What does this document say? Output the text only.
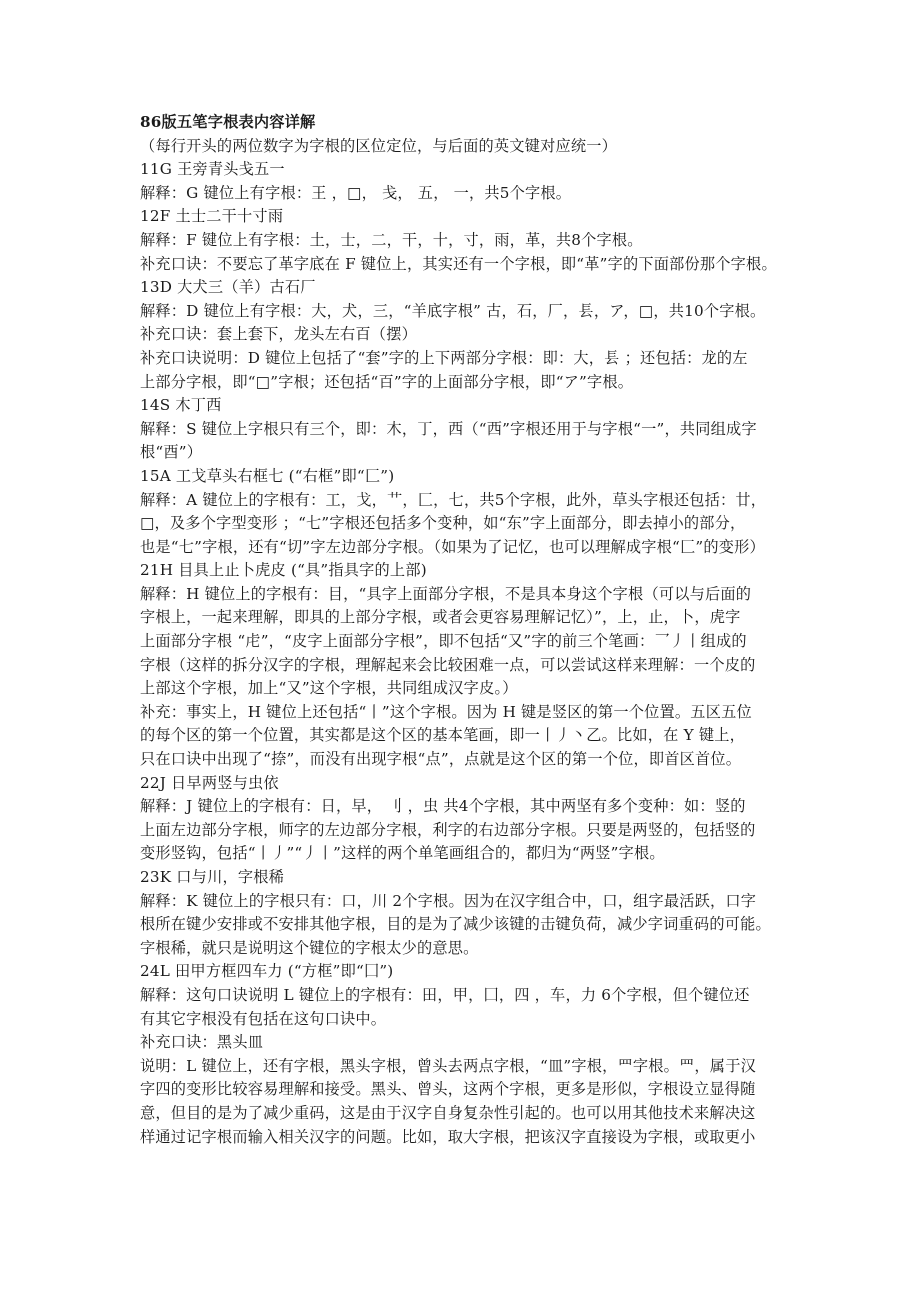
86版五笔字根表内容详解
（每行开头的两位数字为字根的区位定位，与后面的英文键对应统一）
11G 王旁青头戋五一
解释：G 键位上有字根：王 ，□， 戋， 五， 一，共5个字根。
12F 土士二干十寸雨
解释：F 键位上有字根：土，士，二，干，十，寸，雨，革，共8个字根。
补充口诀：不要忘了革字底在 F 键位上，其实还有一个字根，即“革”字的下面部份那个字根。
13D 大犬三（羊）古石厂
解释：D 键位上有字根：大，犬，三，“羊底字根” 古，石，厂，镸，ア，□，共10个字根。
补充口诀：套上套下，龙头左右百（摆）
补充口诀说明：D 键位上包括了“套”字的上下两部分字根：即：大，镸 ；还包括：龙的左
上部分字根，即“□”字根；还包括“百”字的上面部分字根，即“ア”字根。
14S 木丁西
解释：S 键位上字根只有三个，即：木，丁，西（“西”字根还用于与字根“一”，共同组成字
根“酉”）
15A 工戈草头右框七 (“右框”即“匚”)
解释：A 键位上的字根有：工，戈，艹，匚，七，共5个字根，此外，草头字根还包括：廿，
□，及多个字型变形 ；“七”字根还包括多个变种，如“东”字上面部分，即去掉小的部分，
也是“七”字根，还有“切”字左边部分字根。（如果为了记忆，也可以理解成字根“匚”的变形）
21H 目具上止卜虎皮 (“具”指具字的上部)
解释：H 键位上的字根有：目，“具字上面部分字根，不是具本身这个字根（可以与后面的
字根上，一起来理解，即具的上部分字根，或者会更容易理解记忆）”，上，止，卜，虎字
上面部分字根 “虍”，“皮字上面部分字根”，即不包括“又”字的前三个笔画：乛丿丨组成的
字根（这样的拆分汉字的字根，理解起来会比较困难一点，可以尝试这样来理解：一个皮的
上部这个字根，加上“又”这个字根，共同组成汉字皮。）
补充：事实上，H 键位上还包括“丨”这个字根。因为 H 键是竖区的第一个位置。五区五位
的每个区的第一个位置，其实都是这个区的基本笔画，即一丨丿丶乙。比如，在 Y 键上，
只在口诀中出现了“捺”，而没有出现字根“点”，点就是这个区的第一个位，即首区首位。
22J 日早两竖与虫依
解释：J 键位上的字根有：日，早， 刂 ，虫 共4个字根，其中两坚有多个变种：如：竖的
上面左边部分字根，师字的左边部分字根，利字的右边部分字根。只要是两竖的，包括竖的
变形竖钩，包括“丨丿”“丿丨”这样的两个单笔画组合的，都归为“两竖”字根。
23K 口与川，字根稀
解释：K 键位上的字根只有：口，川 2个字根。因为在汉字组合中，口，组字最活跃，口字
根所在键少安排或不安排其他字根，目的是为了减少该键的击键负荷，减少字词重码的可能。
字根稀，就只是说明这个键位的字根太少的意思。
24L 田甲方框四车力 (“方框”即“囗”)
解释：这句口诀说明 L 键位上的字根有：田，甲，囗，四 ，车，力 6个字根，但个键位还
有其它字根没有包括在这句口诀中。
补充口诀：黑头皿
说明：L 键位上，还有字根，黑头字根，曾头去两点字根，“皿”字根，罒字根。罒，属于汉
字四的变形比较容易理解和接受。黑头、曾头，这两个字根，更多是形似，字根设立显得随
意，但目的是为了减少重码，这是由于汉字自身复杂性引起的。也可以用其他技术来解决这
样通过记字根而输入相关汉字的问题。比如，取大字根，把该汉字直接设为字根，或取更小
